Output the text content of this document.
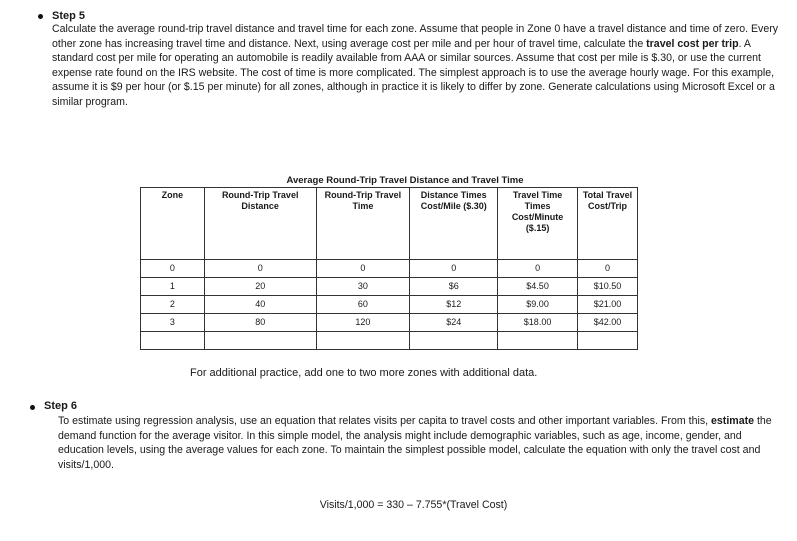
Step 5
Calculate the average round-trip travel distance and travel time for each zone. Assume that people in Zone 0 have a travel distance and time of zero. Every other zone has increasing travel time and distance. Next, using average cost per mile and per hour of travel time, calculate the travel cost per trip. A standard cost per mile for operating an automobile is readily available from AAA or similar sources. Assume that cost per mile is $.30, or use the current expense rate found on the IRS website. The cost of time is more complicated. The simplest approach is to use the average hourly wage. For this example, assume it is $9 per hour (or $.15 per minute) for all zones, although in practice it is likely to differ by zone. Generate calculations using Microsoft Excel or a similar program.
Average Round-Trip Travel Distance and Travel Time
Zone	Round-Trip Travel Distance	Round-Trip Travel Time	Distance Times Cost/Mile ($.30)	Travel Time Times Cost/Minute ($.15)	Total Travel Cost/Trip
0	0	0	0	0	0
1	20	30	$6	$4.50	$10.50
2	40	60	$12	$9.00	$21.00
3	80	120	$24	$18.00	$42.00

For additional practice, add one to two more zones with additional data.
Step 6
To estimate using regression analysis, use an equation that relates visits per capita to travel costs and other important variables. From this, estimate the demand function for the average visitor. In this simple model, the analysis might include demographic variables, such as age, income, gender, and education levels, using the average values for each zone. To maintain the simplest possible model, calculate the equation with only the travel cost and visits/1,000.
Visits/1,000 = 330 – 7.755*(Travel Cost)
